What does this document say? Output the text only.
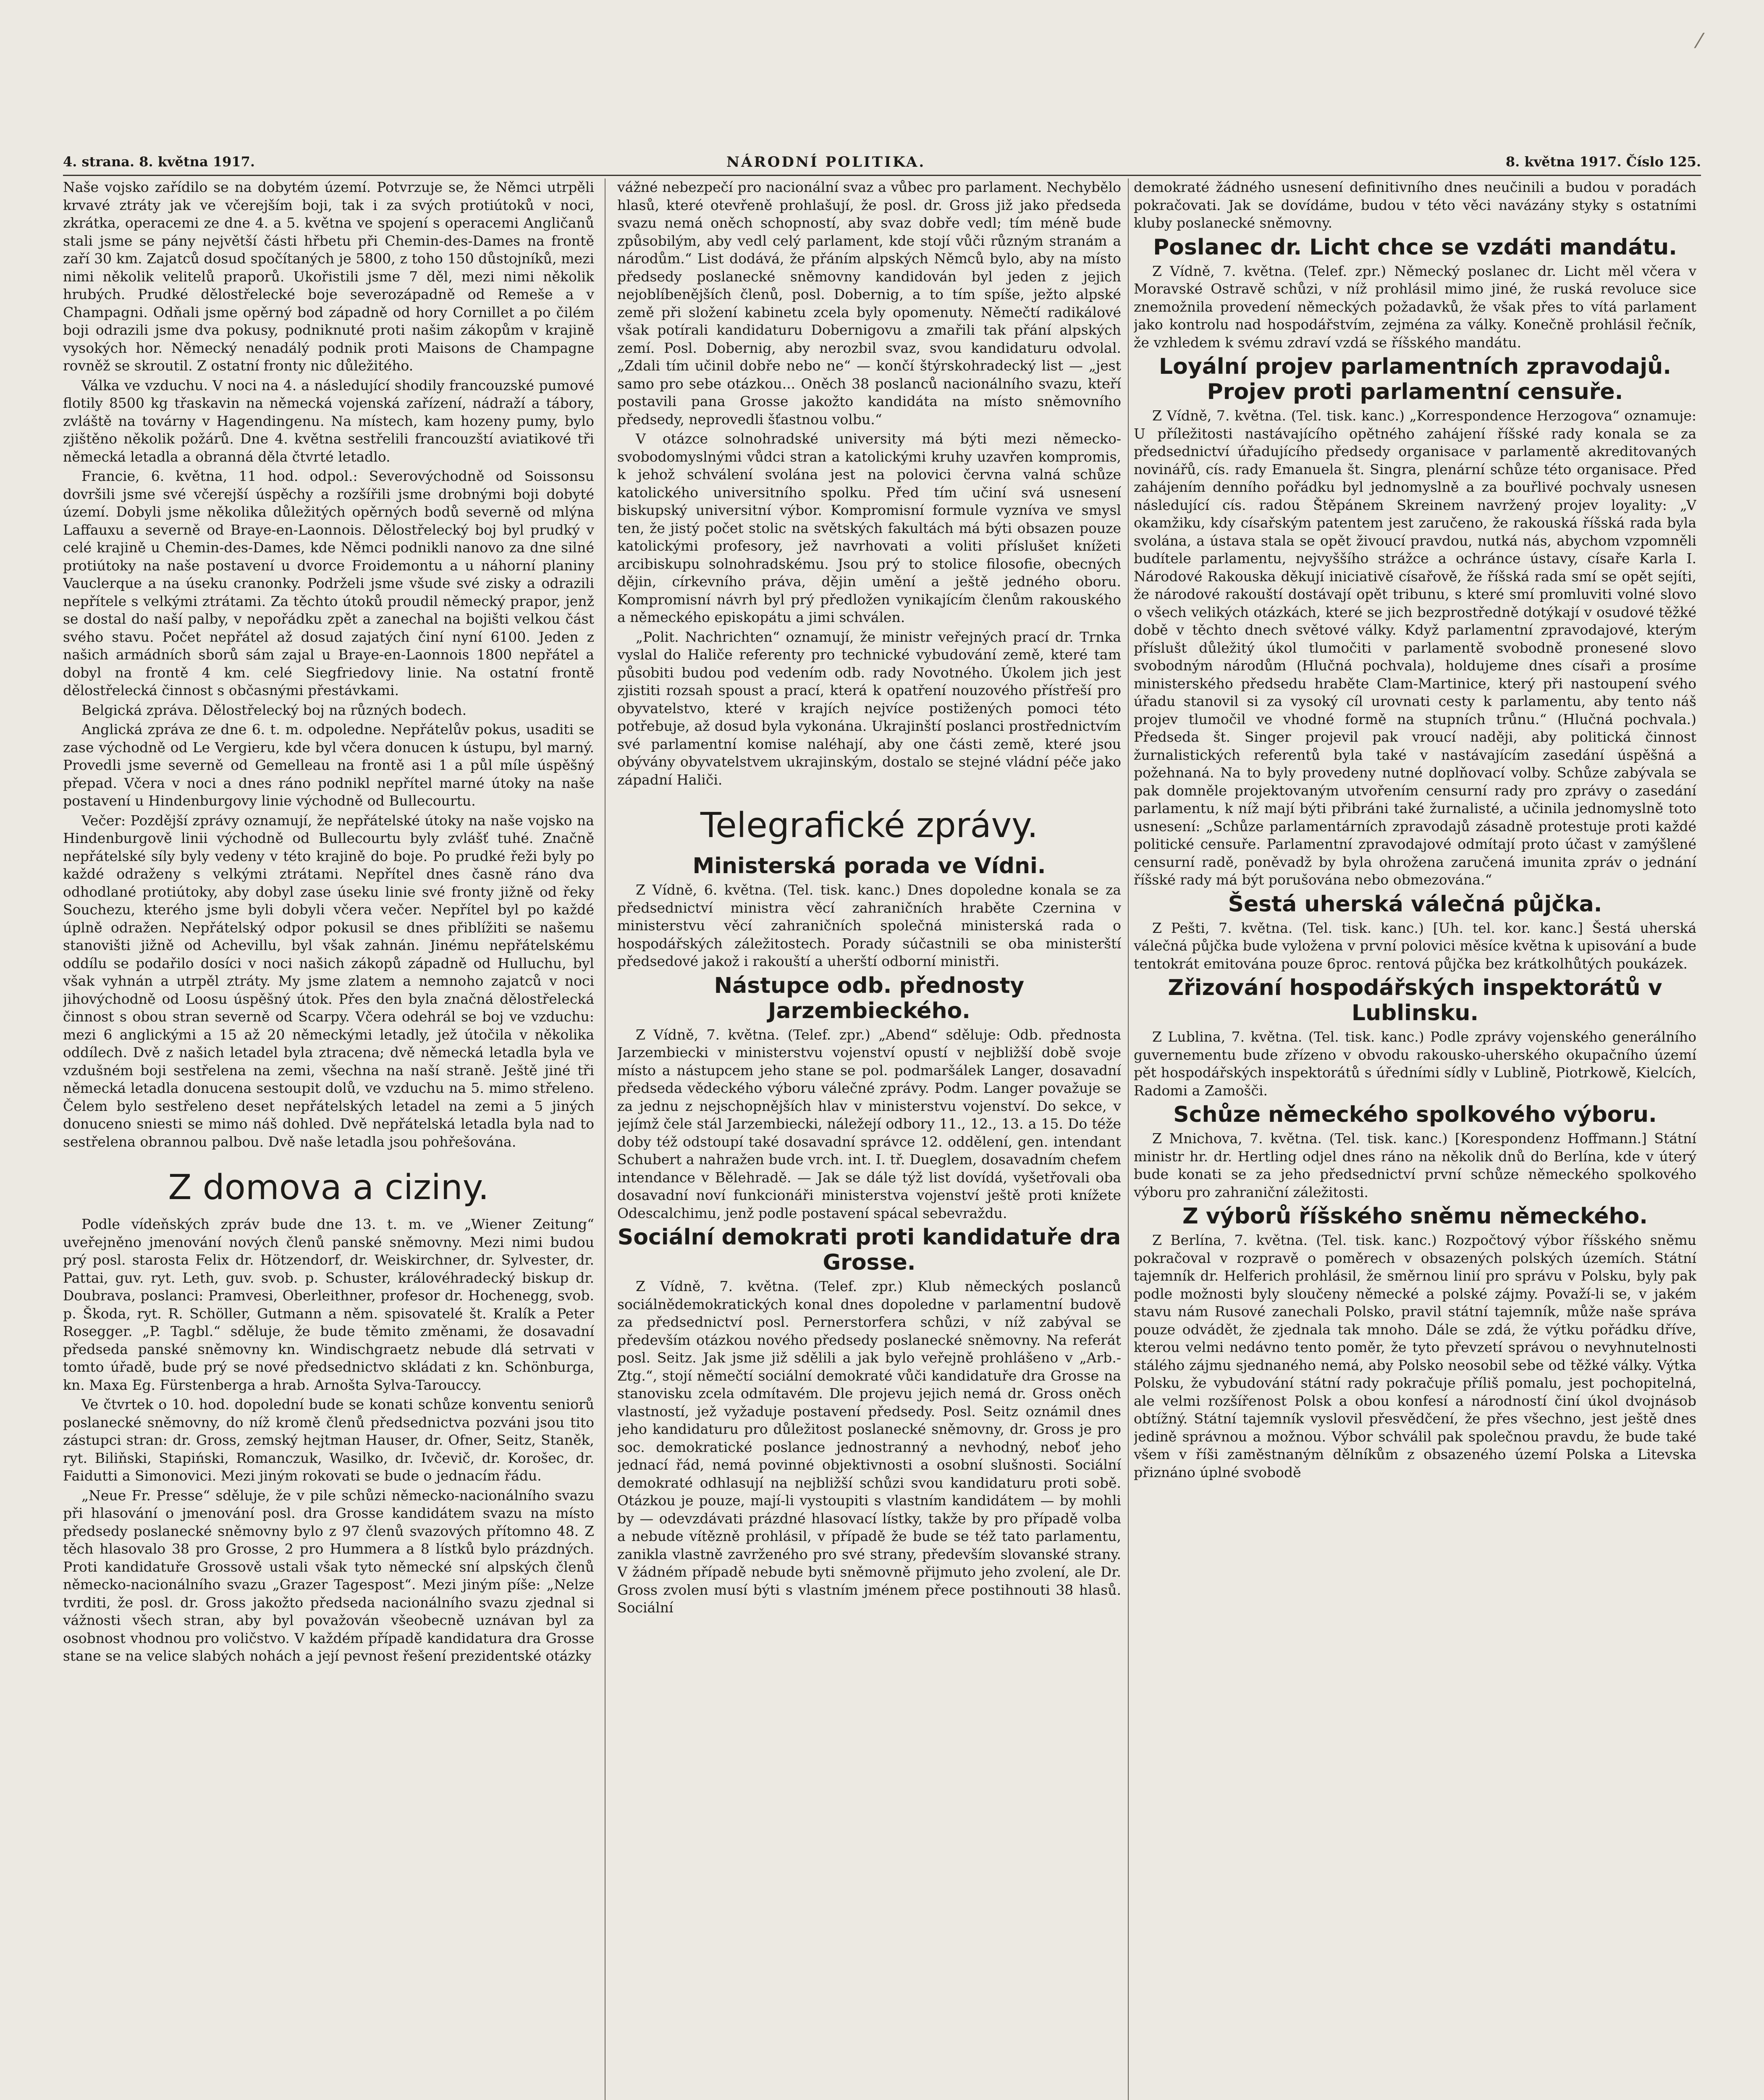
⁄
4. strana. 8. května 1917.	NÁRODNÍ POLITIKA.	8. května 1917. Číslo 125.

Naše vojsko zařídilo se na dobytém území. Potvrzuje se, že Němci utrpěli krvavé ztráty jak ve včerejším boji, tak i za svých protiútoků v noci, zkrátka, operacemi ze dne 4. a 5. května ve spojení s operacemi Angličanů stali jsme se pány největší části hřbetu při Chemin-des-Dames na frontě zaří 30 km. Zajatců dosud spočítaných je 5800, z toho 150 důstojníků, mezi nimi několik velitelů praporů. Ukořistili jsme 7 děl, mezi nimi několik hrubých. Prudké dělostřelecké boje severozápadně od Remeše a v Champagni. Odňali jsme opěrný bod západně od hory Cornillet a po čilém boji odrazili jsme dva pokusy, podniknuté proti našim zákopům v krajině vysokých hor. Německý nenadálý podnik proti Maisons de Champagne rovněž se skroutil. Z ostatní fronty nic důležitého.

Válka ve vzduchu. V noci na 4. a následující shodily francouzské pumové flotily 8500 kg třaskavin na německá vojenská zařízení, nádraží a tábory, zvláště na továrny v Hagendingenu. Na místech, kam hozeny pumy, bylo zjištěno několik požárů. Dne 4. května sestřelili francouzští aviatikové tři německá letadla a obranná děla čtvrté letadlo.

Francie, 6. května, 11 hod. odpol.: Severovýchodně od Soissonsu dovršili jsme své včerejší úspěchy a rozšířili jsme drobnými boji dobyté území. Dobyli jsme několika důležitých opěrných bodů severně od mlýna Laffauxu a severně od Braye-en-Laonnois. Dělostřelecký boj byl prudký v celé krajině u Chemin-des-Dames, kde Němci podnikli nanovo za dne silné protiútoky na naše postavení u dvorce Froidemontu a u náhorní planiny Vauclerque a na úseku cranonky. Podrželi jsme všude své zisky a odrazili nepřítele s velkými ztrátami. Za těchto útoků proudil německý prapor, jenž se dostal do naší palby, v nepořádku zpět a zanechal na bojišti velkou část svého stavu. Počet nepřátel až dosud zajatých činí nyní 6100. Jeden z našich armádních sborů sám zajal u Braye-en-Laonnois 1800 nepřátel a dobyl na frontě 4 km. celé Siegfriedovy linie. Na ostatní frontě dělostřelecká činnost s občasnými přestávkami.

Belgická zpráva. Dělostřelecký boj na různých bodech.

Anglická zpráva ze dne 6. t. m. odpoledne. Nepřátelův pokus, usaditi se zase východně od Le Vergieru, kde byl včera donucen k ústupu, byl marný. Provedli jsme severně od Gemelleau na frontě asi 1 a půl míle úspěšný přepad. Včera v noci a dnes ráno podnikl nepřítel marné útoky na naše postavení u Hindenburgovy linie východně od Bullecourtu.

Večer: Pozdější zprávy oznamují, že nepřátelské útoky na naše vojsko na Hindenburgově linii východně od Bullecourtu byly zvlášť tuhé. Značně nepřátelské síly byly vedeny v této krajině do boje. Po prudké řeži byly po každé odraženy s velkými ztrátami. Nepřítel dnes časně ráno dva odhodlané protiútoky, aby dobyl zase úseku linie své fronty jižně od řeky Souchezu, kterého jsme byli dobyli včera večer. Nepřítel byl po každé úplně odražen. Nepřátelský odpor pokusil se dnes přiblížiti se našemu stanovišti jižně od Achevillu, byl však zahnán. Jinému nepřátelskému oddílu se podařilo dosíci v noci našich zákopů západně od Hulluchu, byl však vyhnán a utrpěl ztráty. My jsme zlatem a nemnoho zajatců v noci jihovýchodně od Loosu úspěšný útok. Přes den byla značná dělostřelecká činnost s obou stran severně od Scarpy. Včera odehrál se boj ve vzduchu: mezi 6 anglickými a 15 až 20 německými letadly, jež útočila v několika oddílech. Dvě z našich letadel byla ztracena; dvě německá letadla byla ve vzdušném boji sestřelena na zemi, všechna na naší straně. Ještě jiné tři německá letadla donucena sestoupit dolů, ve vzduchu na 5. mimo střeleno. Čelem bylo sestřeleno deset nepřátelských letadel na zemi a 5 jiných donuceno sniesti se mimo náš dohled. Dvě nepřátelská letadla byla nad to sestřelena obrannou palbou. Dvě naše letadla jsou pohřešována.

Z domova a ciziny.

Podle vídeňských zpráv bude dne 13. t. m. ve „Wiener Zeitung“ uveřejněno jmenování nových členů panské sněmovny. Mezi nimi budou prý posl. starosta Felix dr. Hötzendorf, dr. Weiskirchner, dr. Sylvester, dr. Pattai, guv. ryt. Leth, guv. svob. p. Schuster, královéhradecký biskup dr. Doubrava, poslanci: Pramvesi, Oberleithner, profesor dr. Hochenegg, svob. p. Škoda, ryt. R. Schöller, Gutmann a něm. spisovatelé št. Kralík a Peter Rosegger. „P. Tagbl.“ sděluje, že bude těmito změnami, že dosavadní předseda panské sněmovny kn. Windischgraetz nebude dlá setrvati v tomto úřadě, bude prý se nové předsednictvo skládati z kn. Schönburga, kn. Maxa Eg. Fürstenberga a hrab. Arnošta Sylva-Tarouccy.

Ve čtvrtek o 10. hod. dopolední bude se konati schůze konventu seniorů poslanecké sněmovny, do níž kromě členů předsednictva pozváni jsou tito zástupci stran: dr. Gross, zemský hejtman Hauser, dr. Ofner, Seitz, Staněk, ryt. Biliňski, Stapiński, Romanczuk, Wasilko, dr. Ivčevič, dr. Korošec, dr. Faidutti a Simonovici. Mezi jiným rokovati se bude o jednacím řádu.

„Neue Fr. Presse“ sděluje, že v pile schůzi německo-nacionálního svazu při hlasování o jmenování posl. dra Grosse kandidátem svazu na místo předsedy poslanecké sněmovny bylo z 97 členů svazových přítomno 48. Z těch hlasovalo 38 pro Grosse, 2 pro Hummera a 8 lístků bylo prázdných. Proti kandidatuře Grossově ustali však tyto německé sní alpských členů německo-nacionálního svazu „Grazer Tagespost“. Mezi jiným píše: „Nelze tvrditi, že posl. dr. Gross jakožto předseda nacionálního svazu zjednal si vážnosti všech stran, aby byl považován všeobecně uznávan byl za osobnost vhodnou pro voličstvo. V každém případě kandidatura dra Grosse stane se na velice slabých nohách a její pevnost řešení prezidentské otázky

vážné nebezpečí pro nacionální svaz a vůbec pro parlament. Nechybělo hlasů, které otevřeně prohlašují, že posl. dr. Gross již jako předseda svazu nemá oněch schopností, aby svaz dobře vedl; tím méně bude způsobilým, aby vedl celý parlament, kde stojí vůči různým stranám a národům.“ List dodává, že přáním alpských Němců bylo, aby na místo předsedy poslanecké sněmovny kandidován byl jeden z jejich nejoblíbenějších členů, posl. Dobernig, a to tím spíše, ježto alpské země při složení kabinetu zcela byly opomenuty. Němečtí radikálové však potírali kandidaturu Dobernigovu a zmařili tak přání alpských zemí. Posl. Dobernig, aby nerozbil svaz, svou kandidaturu odvolal. „Zdali tím učinil dobře nebo ne“ — končí štýrskohradecký list — „jest samo pro sebe otázkou... Oněch 38 poslanců nacionálního svazu, kteří postavili pana Grosse jakožto kandidáta na místo sněmovního předsedy, neprovedli šťastnou volbu.“

V otázce solnohradské university má býti mezi německo-svobodomyslnými vůdci stran a katolickými kruhy uzavřen kompromis, k jehož schválení svolána jest na polovici června valná schůze katolického universitního spolku. Před tím učiní svá usnesení biskupský universitní výbor. Kompromisní formule vyzníva ve smysl ten, že jistý počet stolic na světských fakultách má býti obsazen pouze katolickými profesory, jež navrhovati a voliti příslušet knížeti arcibiskupu solnohradskému. Jsou prý to stolice filosofie, obecných dějin, církevního práva, dějin umění a ještě jedného oboru. Kompromisní návrh byl prý předložen vynikajícím členům rakouského a německého episkopátu a jimi schválen.

„Polit. Nachrichten“ oznamují, že ministr veřejných prací dr. Trnka vyslal do Haliče referenty pro technické vybudování země, které tam působiti budou pod vedením odb. rady Novotného. Úkolem jich jest zjistiti rozsah spoust a prací, která k opatření nouzového přístřeší pro obyvatelstvo, které v krajích nejvíce postižených pomoci této potřebuje, až dosud byla vykonána. Ukrajinští poslanci prostřednictvím své parlamentní komise naléhají, aby one části země, které jsou obývány obyvatelstvem ukrajinským, dostalo se stejné vládní péče jako západní Haliči.

Telegrafické zprávy.
Ministerská porada ve Vídni.

Z Vídně, 6. května. (Tel. tisk. kanc.) Dnes dopoledne konala se za předsednictví ministra věcí zahraničních hraběte Czernina v ministerstvu věcí zahraničních společná ministerská rada o hospodářských záležitostech. Porady súčastnili se oba ministerští předsedové jakož i rakouští a uherští odborní ministři.

Nástupce odb. přednosty Jarzembieckého.

Z Vídně, 7. května. (Telef. zpr.) „Abend“ sděluje: Odb. přednosta Jarzembiecki v ministerstvu vojenství opustí v nejbližší době svoje místo a nástupcem jeho stane se pol. podmaršálek Langer, dosavadní předseda vědeckého výboru válečné zprávy. Podm. Langer považuje se za jednu z nejschopnějších hlav v ministerstvu vojenství. Do sekce, v jejímž čele stál Jarzembiecki, náležejí odbory 11., 12., 13. a 15. Do téže doby též odstoupí také dosavadní správce 12. oddělení, gen. intendant Schubert a nahražen bude vrch. int. I. tř. Dueglem, dosavadním chefem intendance v Bělehradě. — Jak se dále týž list dovídá, vyšetřovali oba dosavadní noví funkcionáři ministerstva vojenství ještě proti knížete Odescalchimu, jenž podle postavení spácal sebevraždu.

Sociální demokrati proti kandidatuře dra Grosse.

Z Vídně, 7. května. (Telef. zpr.) Klub německých poslanců sociálnědemokratických konal dnes dopoledne v parlamentní budově za předsednictví posl. Pernerstorfera schůzi, v níž zabýval se především otázkou nového předsedy poslanecké sněmovny. Na referát posl. Seitz. Jak jsme již sdělili a jak bylo veřejně prohlášeno v „Arb.-Ztg.“, stojí němečtí sociální demokraté vůči kandidatuře dra Grosse na stanovisku zcela odmítavém. Dle projevu jejich nemá dr. Gross oněch vlastností, jež vyžaduje postavení předsedy. Posl. Seitz oznámil dnes jeho kandidaturu pro důležitost poslanecké sněmovny, dr. Gross je pro soc. demokratické poslance jednostranný a nevhodný, neboť jeho jednací řád, nemá povinné objektivnosti a osobní slušnosti. Sociální demokraté odhlasují na nejbližší schůzi svou kandidaturu proti sobě. Otázkou je pouze, mají-li vystoupiti s vlastním kandidátem — by mohli by — odevzdávati prázdné hlasovací lístky, takže by pro případě volba a nebude vítězně prohlásil, v případě že bude se též tato parlamentu, zanikla vlastně zavrženého pro své strany, především slovanské strany. V žádném případě nebude byti sněmovně přijmuto jeho zvolení, ale Dr. Gross zvolen musí býti s vlastním jménem přece postihnouti 38 hlasů. Sociální

demokraté žádného usnesení definitivního dnes neučinili a budou v poradách pokračovati. Jak se dovídáme, budou v této věci navázány styky s ostatními kluby poslanecké sněmovny.

Poslanec dr. Licht chce se vzdáti mandátu.

Z Vídně, 7. května. (Telef. zpr.) Německý poslanec dr. Licht měl včera v Moravské Ostravě schůzi, v níž prohlásil mimo jiné, že ruská revoluce sice znemožnila provedení německých požadavků, že však přes to vítá parlament jako kontrolu nad hospodářstvím, zejména za války. Konečně prohlásil řečník, že vzhledem k svému zdraví vzdá se říšského mandátu.

Loyální projev parlamentních zpravodajů. Projev proti parlamentní censuře.

Z Vídně, 7. května. (Tel. tisk. kanc.) „Korrespondence Herzogova“ oznamuje: U příležitosti nastávajícího opětného zahájení říšské rady konala se za předsednictví úřadujícího předsedy organisace v parlamentě akreditovaných novinářů, cís. rady Emanuela št. Singra, plenární schůze této organisace. Před zahájením denního pořádku byl jednomyslně a za bouřlivé pochvaly usnesen následující cís. radou Štěpánem Skreinem navržený projev loyality: „V okamžiku, kdy císařským patentem jest zaručeno, že rakouská říšská rada byla svolána, a ústava stala se opět živoucí pravdou, nutká nás, abychom vzpomněli budítele parlamentu, nejvyššího strážce a ochránce ústavy, císaře Karla I. Národové Rakouska děkují iniciativě císařově, že říšská rada smí se opět sejíti, že národové rakouští dostávají opět tribunu, s které smí promluviti volné slovo o všech velikých otázkách, které se jich bezprostředně dotýkají v osudové těžké době v těchto dnech světové války. Když parlamentní zpravodajové, kterým příslušt důležitý úkol tlumočiti v parlamentě svobodně pronesené slovo svobodným národům (Hlučná pochvala), holdujeme dnes císaři a prosíme ministerského předsedu hraběte Clam-Martinice, který při nastoupení svého úřadu stanovil si za vysoký cíl urovnati cesty k parlamentu, aby tento náš projev tlumočil ve vhodné formě na stupních trůnu.“ (Hlučná pochvala.) Předseda št. Singer projevil pak vroucí naději, aby politická činnost žurnalistických referentů byla také v nastávajícím zasedání úspěšná a požehnaná. Na to byly provedeny nutné doplňovací volby. Schůze zabývala se pak domněle projektovaným utvořením censurní rady pro zprávy o zasedání parlamentu, k níž mají býti přibráni také žurnalisté, a učinila jednomyslně toto usnesení: „Schůze parlamentárních zpravodajů zásadně protestuje proti každé politické censuře. Parlamentní zpravodajové odmítají proto účast v zamýšlené censurní radě, poněvadž by byla ohrožena zaručená imunita zpráv o jednání říšské rady má být porušována nebo obmezována.“

Šestá uherská válečná půjčka.

Z Pešti, 7. května. (Tel. tisk. kanc.) [Uh. tel. kor. kanc.] Šestá uherská válečná půjčka bude vyložena v první polovici měsíce května k upisování a bude tentokrát emitována pouze 6proc. rentová půjčka bez krátkolhůtých poukázek.

Zřizování hospodářských inspektorátů v Lublinsku.

Z Lublina, 7. května. (Tel. tisk. kanc.) Podle zprávy vojenského generálního guvernementu bude zřízeno v obvodu rakousko-uherského okupačního území pět hospodářských inspektorátů s úředními sídly v Lublině, Piotrkowě, Kielcích, Radomi a Zamošči.

Schůze německého spolkového výboru.

Z Mnichova, 7. května. (Tel. tisk. kanc.) [Korespondenz Hoffmann.] Státní ministr hr. dr. Hertling odjel dnes ráno na několik dnů do Berlína, kde v úterý bude konati se za jeho předsednictví první schůze německého spolkového výboru pro zahraniční záležitosti.

Z výborů říšského sněmu německého.

Z Berlína, 7. května. (Tel. tisk. kanc.) Rozpočtový výbor říšského sněmu pokračoval v rozpravě o poměrech v obsazených polských územích. Státní tajemník dr. Helferich prohlásil, že směrnou linií pro správu v Polsku, byly pak podle možnosti byly sloučeny německé a polské zájmy. Považí-li se, v jakém stavu nám Rusové zanechali Polsko, pravil státní tajemník, může naše správa pouze odvádět, že zjednala tak mnoho. Dále se zdá, že výtku pořádku dříve, kterou velmi nedávno tento poměr, že tyto převzetí správou o nevyhnutelnosti stálého zájmu sjednaného nemá, aby Polsko neosobil sebe od těžké války. Výtka Polsku, že vybudování státní rady pokračuje příliš pomalu, jest pochopitelná, ale velmi rozšířenost Polsk a obou konfesí a národností činí úkol dvojnásob obtížný. Státní tajemník vyslovil přesvědčení, že přes všechno, jest ještě dnes jedině správnou a možnou. Výbor schválil pak společnou pravdu, že bude také všem v říši zaměstnaným dělníkům z obsazeného území Polska a Litevska přiznáno úplné svobodě
